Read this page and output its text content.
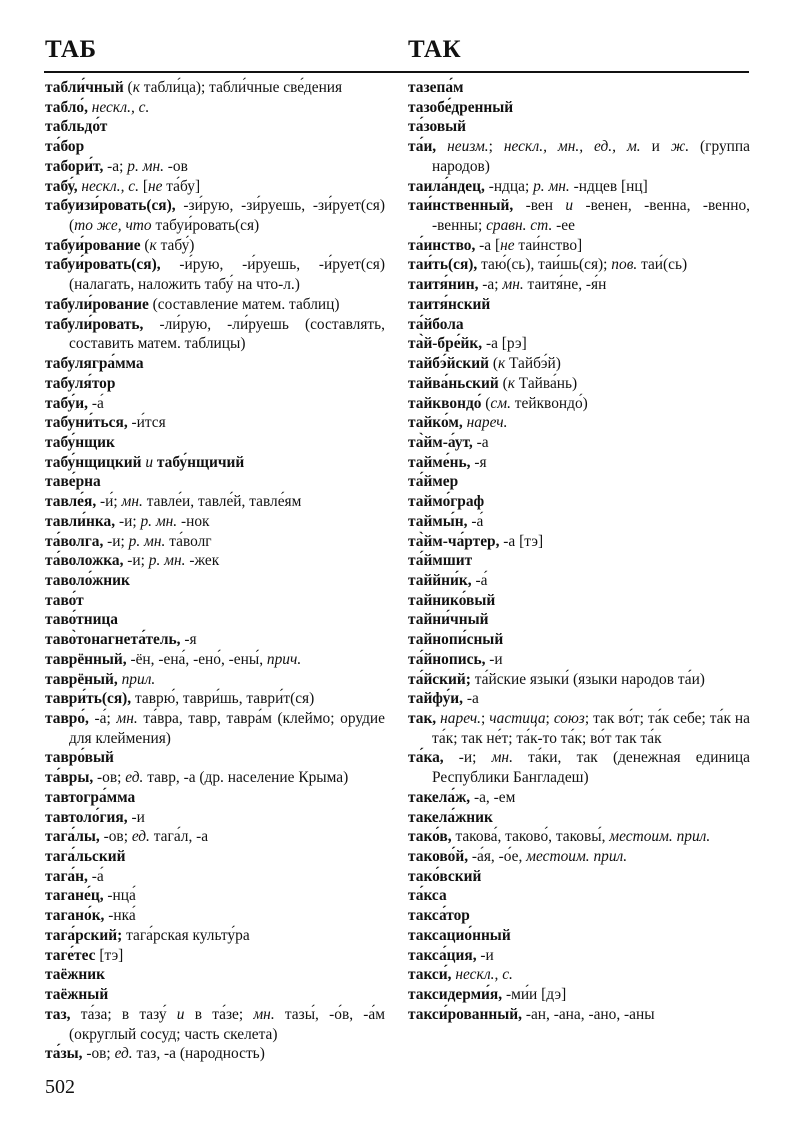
ТАБ	ТАК

табли́чный (к табли́ца); табли́чные све́дения

табло́, нескл., с.

табльдо́т

та́бор

табори́т, -а; р. мн. -ов

табу́, нескл., с. [не та́бу]

табуизи́ровать(ся), -зи́рую, -зи́руешь, -зи́рует(ся) (то же, что табуи́ровать(ся)

табуи́рование (к табу́)

табуи́ровать(ся), -и́рую, -и́руешь, -и́рует(ся) (налагать, наложить табу́ на что-л.)

табули́рование (составление матем. таблиц)

табули́ровать, -ли́рую, -ли́руешь (составлять, составить матем. таблицы)

табулягра́мма

табуля́тор

табу́и, -а́

табуни́ться, -и́тся

табу́нщик

табу́нщицкий и табу́нщичий

таве́рна

тавле́я, -и́; мн. тавле́и, тавле́й, тавле́ям

тавли́нка, -и; р. мн. -нок

та́волга, -и; р. мн. та́волг

та́воложка, -и; р. мн. -жек

таволо́жник

таво́т

таво́тница

таво̀тонагнета́тель, -я

таврённый, -ён, -ена́, -ено́, -ены́, прич.

таврёный, прил.

таври́ть(ся), таврю́, таври́шь, таври́т(ся)

тавро́, -а́; мн. та́вра, тавр, тавра́м (клеймо; орудие для клеймения)

тавро́вый

та́вры, -ов; ед. тавр, -а (др. население Крыма)

тавтогра́мма

тавтоло́гия, -и

тага́лы, -ов; ед. тага́л, -а

тага́льский

тага́н, -а́

тагане́ц, -нца́

тагано́к, -нка́

тага́рский; тага́рская культу́ра

таге́тес [тэ]

таёжник

таёжный

таз, та́за; в тазу́ и в та́зе; мн. тазы́, -о́в, -а́м (округлый сосуд; часть скелета)

та́зы, -ов; ед. таз, -а (народность)

тазепа́м

тазобе́дренный

та́зовый

та́и, неизм.; нескл., мн., ед., м. и ж. (группа народов)

таила́ндец, -ндца; р. мн. -ндцев [нц]

таи́нственный, -вен и -венен, -венна, -венно, -венны; сравн. ст. -ее

та́инство, -а [не таи́нство]

таи́ть(ся), таю́(сь), таи́шь(ся); пов. таи́(сь)

таитя́нин, -а; мн. таитя́не, -я́н

таитя́нский

та́йбола

та̀й-бре́йк, -а [рэ]

тайбэ́йский (к Тайбэ́й)

тайва́ньский (к Тайва́нь)

тайквондо́ (см. тейквондо́)

тайко́м, нареч.

та̀йм-а́ут, -а

тайме́нь, -я

та́ймер

таймо́граф

таймы́н, -а́

та̀йм-ча́ртер, -а [тэ]

та́ймшит

таййни́к, -а́

тайнико́вый

тайни́чный

тайнопи́сный

та́йнопись, -и

та́йский; та́йские языки́ (языки народов та́и)

тайфу́и, -а

так, нареч.; частица; союз; так во́т; та́к себе; та́к на та́к; так не́т; та́к-то та́к; во́т так та́к

та́ка, -и; мн. та́ки, так (денежная единица Республики Бангладеш)

такела́ж, -а, -ем

такела́жник

тако́в, такова́, таково́, таковы́, местоим. прил.

таково́й, -а́я, -о́е, местоим. прил.

тако́вский

та́кса

такса́тор

таксацио́нный

такса́ция, -и

такси́, нескл., с.

таксидерми́я, -ми́и [дэ]

такси́рованный, -ан, -ана, -ано, -аны

502
